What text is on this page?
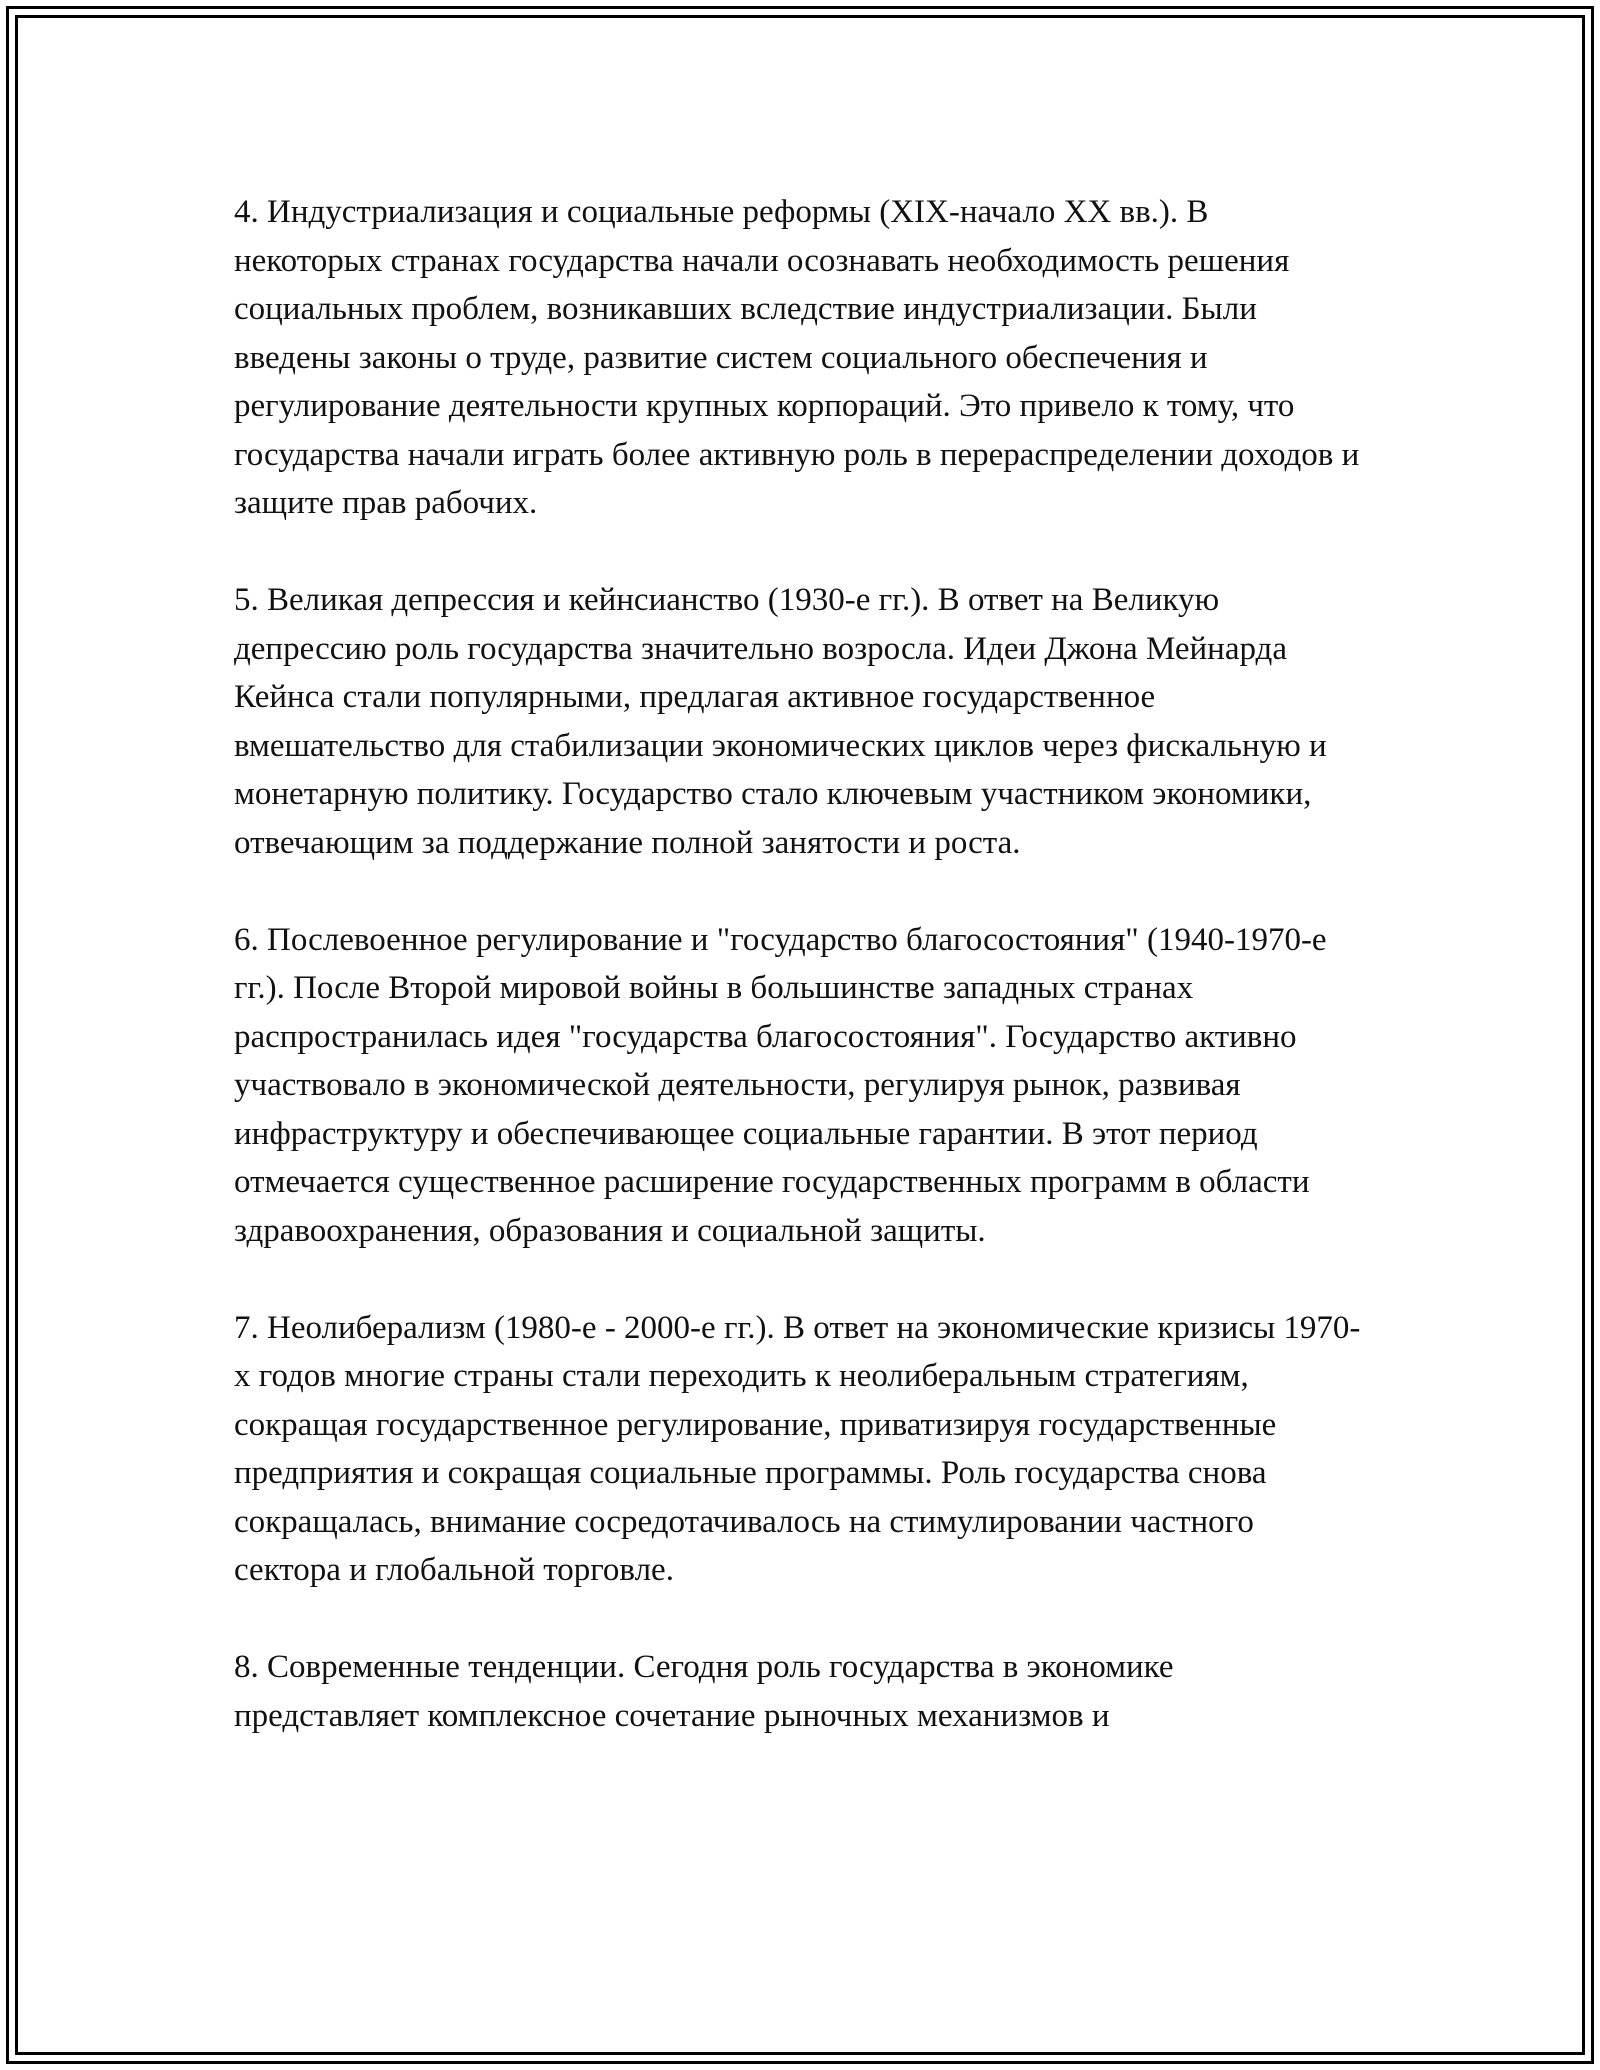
4. Индустриализация и социальные реформы (XIX-начало XX вв.). В некоторых странах государства начали осознавать необходимость решения социальных проблем, возникавших вследствие индустриализации. Были введены законы о труде, развитие систем социального обеспечения и регулирование деятельности крупных корпораций. Это привело к тому, что государства начали играть более активную роль в перераспределении доходов и защите прав рабочих.

5. Великая депрессия и кейнсианство (1930-е гг.). В ответ на Великую депрессию роль государства значительно возросла. Идеи Джона Мейнарда Кейнса стали популярными, предлагая активное государственное вмешательство для стабилизации экономических циклов через фискальную и монетарную политику. Государство стало ключевым участником экономики, отвечающим за поддержание полной занятости и роста.

6. Послевоенное регулирование и "государство благосостояния" (1940-1970-е гг.). После Второй мировой войны в большинстве западных странах распространилась идея "государства благосостояния". Государство активно участвовало в экономической деятельности, регулируя рынок, развивая инфраструктуру и обеспечивающее социальные гарантии. В этот период отмечается существенное расширение государственных программ в области здравоохранения, образования и социальной защиты.

7. Неолиберализм (1980-е - 2000-е гг.). В ответ на экономические кризисы 1970-х годов многие страны стали переходить к неолиберальным стратегиям, сокращая государственное регулирование, приватизируя государственные предприятия и сокращая социальные программы. Роль государства снова сокращалась, внимание сосредотачивалось на стимулировании частного сектора и глобальной торговле.

8. Современные тенденции. Сегодня роль государства в экономике представляет комплексное сочетание рыночных механизмов и
